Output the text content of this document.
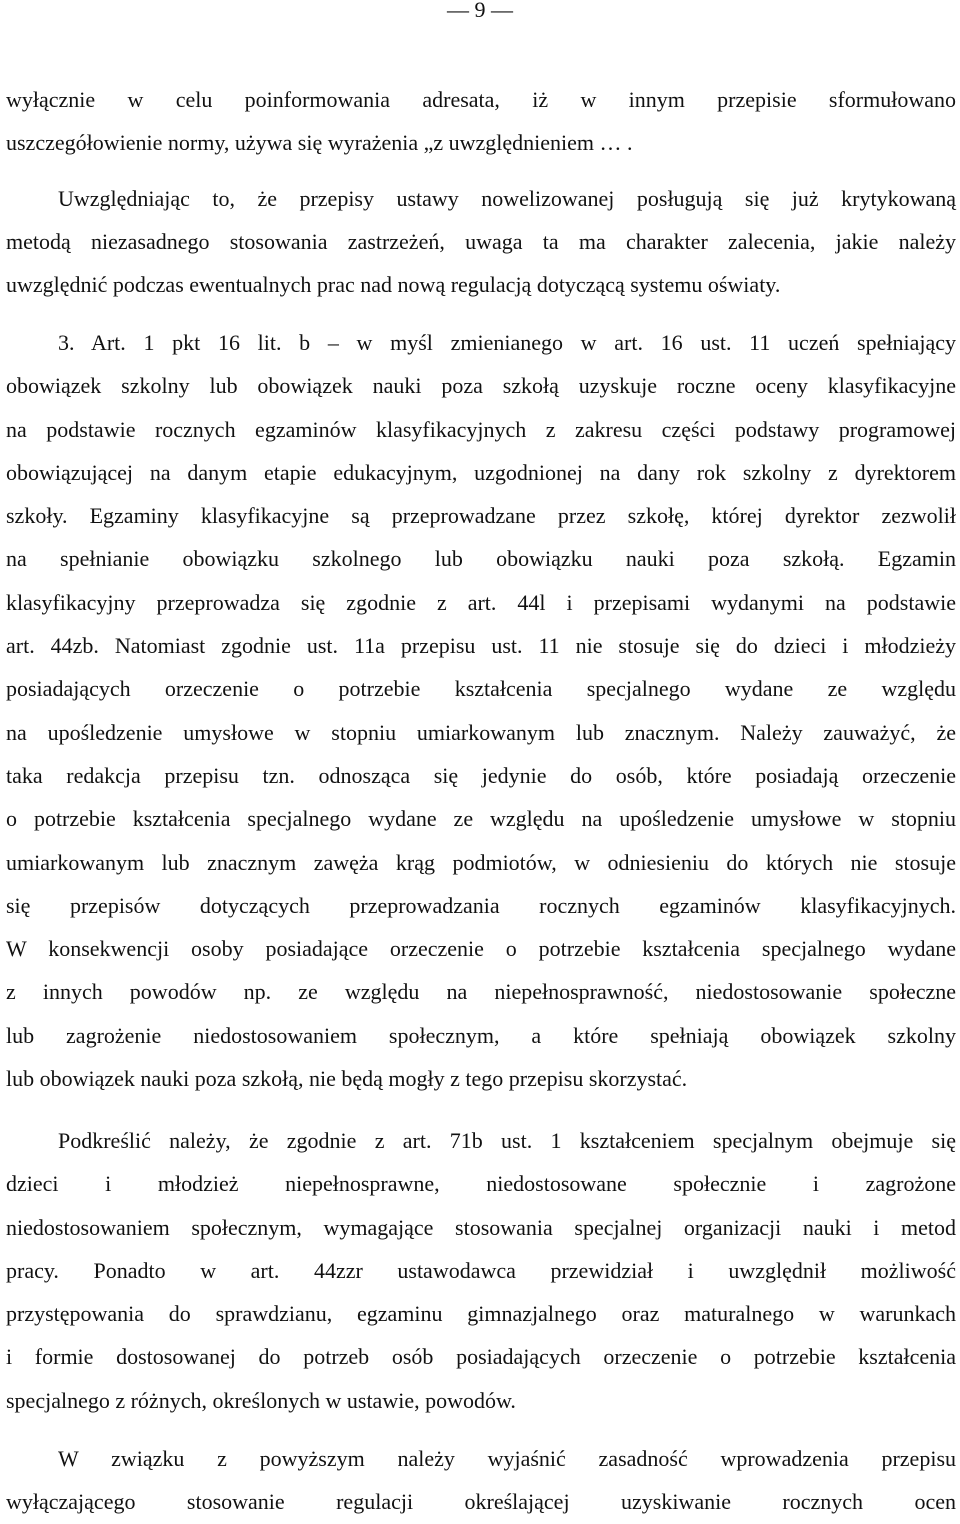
— 9 —
wyłącznie w celu poinformowania adresata, iż w innym przepisie sformułowano
uszczegółowienie normy, używa się wyrażenia „z uwzględnieniem … .
Uwzględniając to, że przepisy ustawy nowelizowanej posługują się już krytykowaną
metodą niezasadnego stosowania zastrzeżeń, uwaga ta ma charakter zalecenia, jakie należy
uwzględnić podczas ewentualnych prac nad nową regulacją dotyczącą systemu oświaty.
3. Art. 1 pkt 16 lit. b – w myśl zmienianego w art. 16 ust. 11 uczeń spełniający
obowiązek szkolny lub obowiązek nauki poza szkołą uzyskuje roczne oceny klasyfikacyjne
na podstawie rocznych egzaminów klasyfikacyjnych z zakresu części podstawy programowej
obowiązującej na danym etapie edukacyjnym, uzgodnionej na dany rok szkolny z dyrektorem
szkoły. Egzaminy klasyfikacyjne są przeprowadzane przez szkołę, której dyrektor zezwolił
na spełnianie obowiązku szkolnego lub obowiązku nauki poza szkołą. Egzamin
klasyfikacyjny przeprowadza się zgodnie z art. 44l i przepisami wydanymi na podstawie
art. 44zb. Natomiast zgodnie ust. 11a przepisu ust. 11 nie stosuje się do dzieci i młodzieży
posiadających orzeczenie o potrzebie kształcenia specjalnego wydane ze względu
na upośledzenie umysłowe w stopniu umiarkowanym lub znacznym. Należy zauważyć, że
taka redakcja przepisu tzn. odnosząca się jedynie do osób, które posiadają orzeczenie
o potrzebie kształcenia specjalnego wydane ze względu na upośledzenie umysłowe w stopniu
umiarkowanym lub znacznym zawęża krąg podmiotów, w odniesieniu do których nie stosuje
się przepisów dotyczących przeprowadzania rocznych egzaminów klasyfikacyjnych.
W konsekwencji osoby posiadające orzeczenie o potrzebie kształcenia specjalnego wydane
z innych powodów np. ze względu na niepełnosprawność, niedostosowanie społeczne
lub zagrożenie niedostosowaniem społecznym, a które spełniają obowiązek szkolny
lub obowiązek nauki poza szkołą, nie będą mogły z tego przepisu skorzystać.
Podkreślić należy, że zgodnie z art. 71b ust. 1 kształceniem specjalnym obejmuje się
dzieci i młodzież niepełnosprawne, niedostosowane społecznie i zagrożone
niedostosowaniem społecznym, wymagające stosowania specjalnej organizacji nauki i metod
pracy. Ponadto w art. 44zzr ustawodawca przewidział i uwzględnił możliwość
przystępowania do sprawdzianu, egzaminu gimnazjalnego oraz maturalnego w warunkach
i formie dostosowanej do potrzeb osób posiadających orzeczenie o potrzebie kształcenia
specjalnego z różnych, określonych w ustawie, powodów.
W związku z powyższym należy wyjaśnić zasadność wprowadzenia przepisu
wyłączającego stosowanie regulacji określającej uzyskiwanie rocznych ocen
